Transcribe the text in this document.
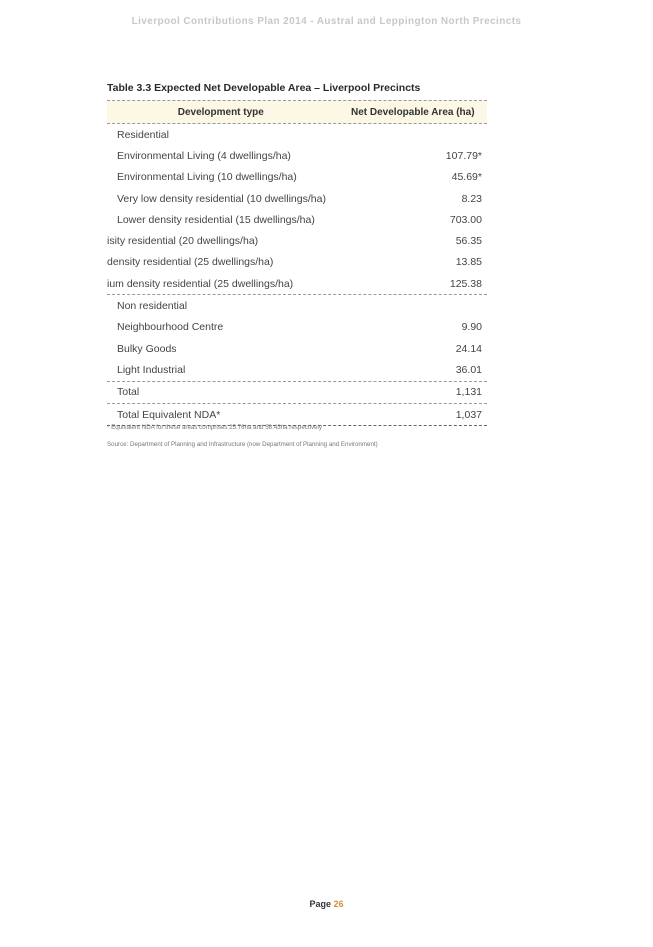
Liverpool Contributions Plan 2014 - Austral and Leppington North Precincts
Table 3.3 Expected Net Developable Area – Liverpool Precincts
Development type	Net Developable Area (ha)
Residential
Environmental Living (4 dwellings/ha)	107.79*
Environmental Living (10 dwellings/ha)	45.69*
Very low density residential (10 dwellings/ha)	8.23
Lower density residential (15 dwellings/ha)	703.00
isity residential (20 dwellings/ha)	56.35
density residential (25 dwellings/ha)	13.85
ium density residential (25 dwellings/ha)	125.38
Non residential
Neighbourhood Centre	9.90
Bulky Goods	24.14
Light Industrial	36.01
Total	1,131
Total Equivalent NDA*	1,037
* Equivalent NDA for these areas comprises 25.76ha and 58.43ha respectively
Source: Department of Planning and Infrastructure (now Department of Planning and Environment)
Page 26
